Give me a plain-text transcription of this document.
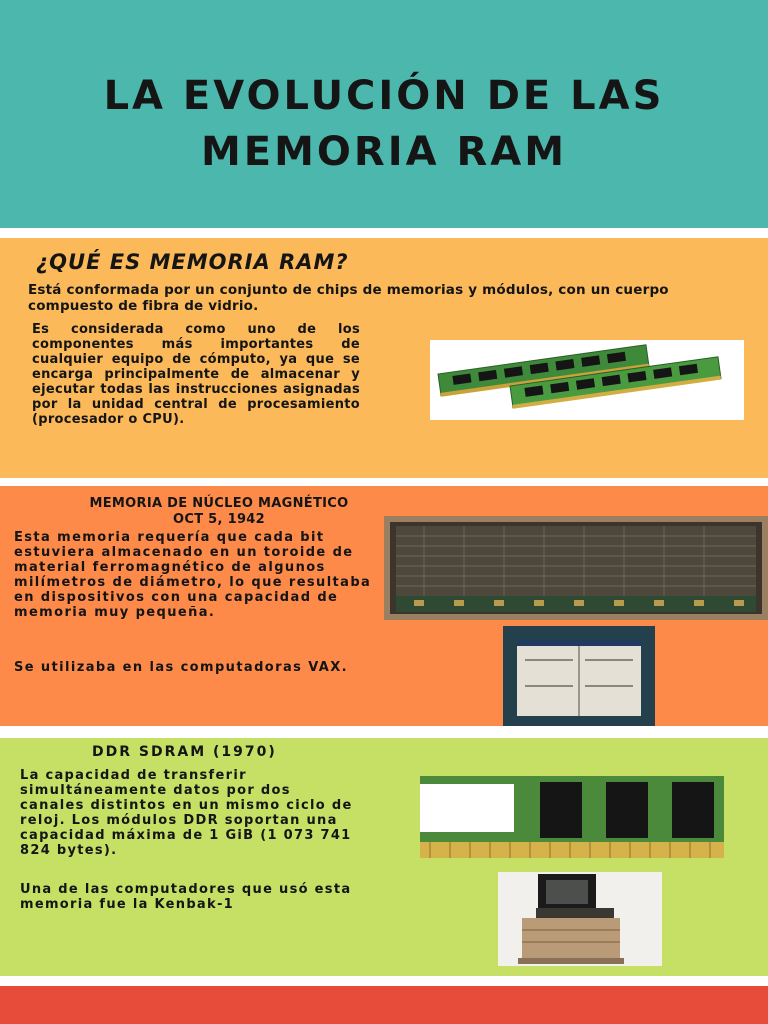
LA EVOLUCIÓN DE LAS MEMORIA RAM
¿QUÉ ES MEMORIA RAM?

Está conformada por un conjunto de chips de memorias y módulos, con un cuerpo compuesto de fibra de vidrio.

Es considerada como uno de los componentes más importantes de cualquier equipo de cómputo, ya que se encarga principalmente de almacenar y ejecutar todas las instrucciones asignadas por la unidad central de procesamiento (procesador o CPU).

MEMORIA DE NÚCLEO MAGNÉTICO
OCT 5, 1942

Esta memoria requería que cada bit estuviera almacenado en un toroide de material ferromagnético de algunos milímetros de diámetro, lo que resultaba en dispositivos con una capacidad de memoria muy pequeña.

Se utilizaba en las computadoras VAX.

DDR SDRAM (1970)

La capacidad de transferir simultáneamente datos por dos canales distintos en un mismo ciclo de reloj. Los módulos DDR soportan una capacidad máxima de 1 GiB (1 073 741 824 bytes).

Una de las computadores que usó esta memoria fue la Kenbak-1
